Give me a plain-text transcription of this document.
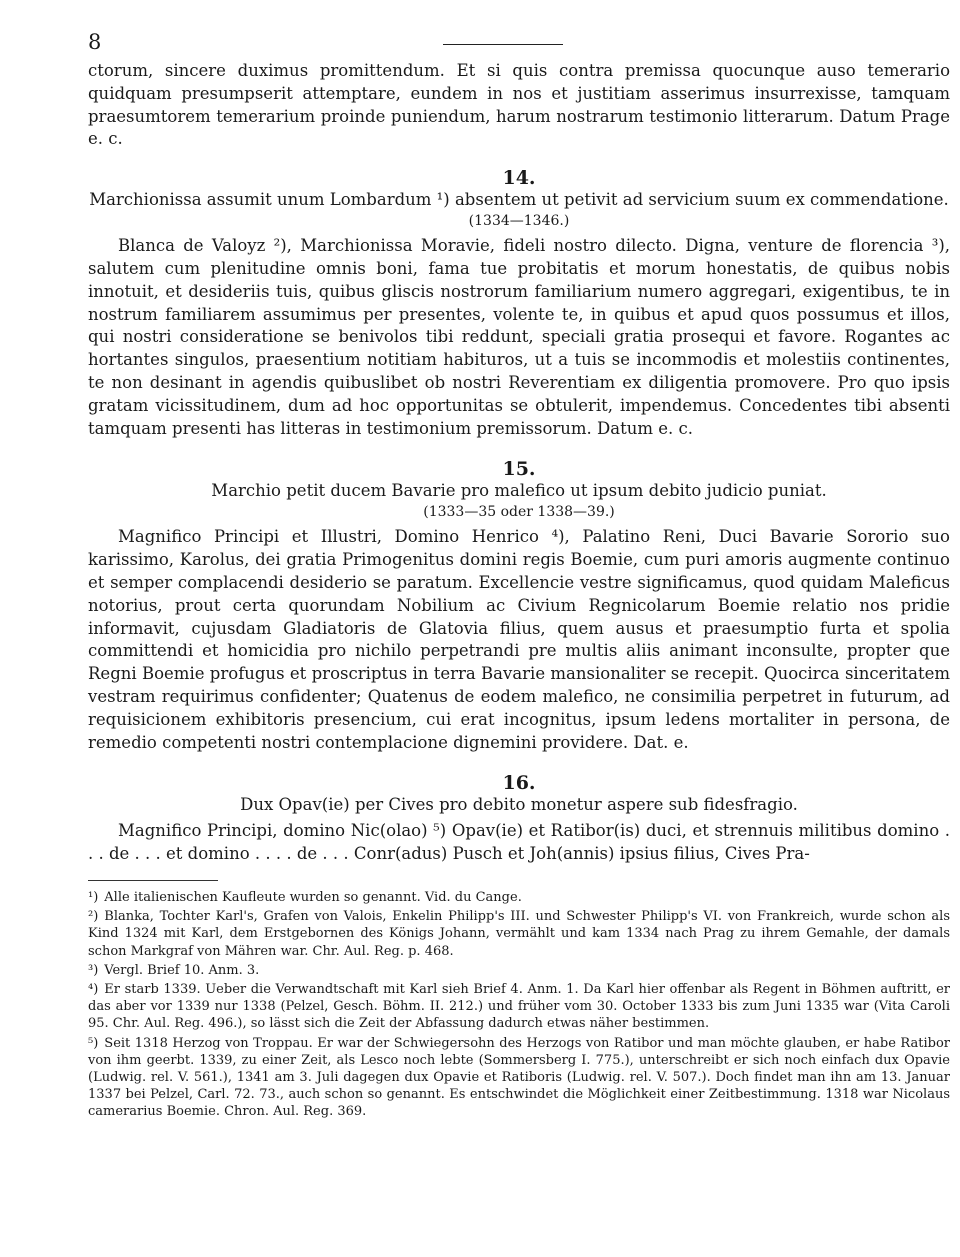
8

ctorum, sincere duximus promittendum. Et si quis contra premissa quocunque auso temerario quidquam presumpserit attemptare, eundem in nos et justitiam asserimus insurrexisse, tamquam praesumtorem temerarium proinde puniendum, harum nostrarum testimonio litterarum. Datum Prage e. c.

14.

Marchionissa assumit unum Lombardum ¹) absentem ut petivit ad servicium suum ex commendatione.

(1334—1346.)

Blanca de Valoyz ²), Marchionissa Moravie, fideli nostro dilecto. Digna, venture de florencia ³), salutem cum plenitudine omnis boni, fama tue probitatis et morum honestatis, de quibus nobis innotuit, et desideriis tuis, quibus gliscis nostrorum familiarium numero aggregari, exigentibus, te in nostrum familiarem assumimus per presentes, volente te, in quibus et apud quos possumus et illos, qui nostri consideratione se benivolos tibi reddunt, speciali gratia prosequi et favore. Rogantes ac hortantes singulos, praesentium notitiam habituros, ut a tuis se incommodis et molestiis continentes, te non desinant in agendis quibuslibet ob nostri Reverentiam ex diligentia promovere. Pro quo ipsis gratam vicissitudinem, dum ad hoc opportunitas se obtulerit, impendemus. Concedentes tibi absenti tamquam presenti has litteras in testimonium premissorum. Datum e. c.

15.

Marchio petit ducem Bavarie pro malefico ut ipsum debito judicio puniat.

(1333—35 oder 1338—39.)

Magnifico Principi et Illustri, Domino Henrico ⁴), Palatino Reni, Duci Bavarie Sororio suo karissimo, Karolus, dei gratia Primogenitus domini regis Boemie, cum puri amoris augmente continuo et semper complacendi desiderio se paratum. Excellencie vestre significamus, quod quidam Maleficus notorius, prout certa quorundam Nobilium ac Civium Regnicolarum Boemie relatio nos pridie informavit, cujusdam Gladiatoris de Glatovia filius, quem ausus et praesumptio furta et spolia committendi et homicidia pro nichilo perpetrandi pre multis aliis animant inconsulte, propter que Regni Boemie profugus et proscriptus in terra Bavarie mansionaliter se recepit. Quocirca sinceritatem vestram requirimus confidenter; Quatenus de eodem malefico, ne consimilia perpetret in futurum, ad requisicionem exhibitoris presencium, cui erat incognitus, ipsum ledens mortaliter in persona, de remedio competenti nostri contemplacione dignemini providere. Dat. e.

16.

Dux Opav(ie) per Cives pro debito monetur aspere sub fidesfragio.

Magnifico Principi, domino Nic(olao) ⁵) Opav(ie) et Ratibor(is) duci, et strennuis militibus domino . . . de . . . et domino . . . . de . . . Conr(adus) Pusch et Joh(annis) ipsius filius, Cives Pra-

¹) Alle italienischen Kaufleute wurden so genannt. Vid. du Cange.

²) Blanka, Tochter Karl's, Grafen von Valois, Enkelin Philipp's III. und Schwester Philipp's VI. von Frankreich, wurde schon als Kind 1324 mit Karl, dem Erstgebornen des Königs Johann, vermählt und kam 1334 nach Prag zu ihrem Gemahle, der damals schon Markgraf von Mähren war. Chr. Aul. Reg. p. 468.

³) Vergl. Brief 10. Anm. 3.

⁴) Er starb 1339. Ueber die Verwandtschaft mit Karl sieh Brief 4. Anm. 1. Da Karl hier offenbar als Regent in Böhmen auftritt, er das aber vor 1339 nur 1338 (Pelzel, Gesch. Böhm. II. 212.) und früher vom 30. October 1333 bis zum Juni 1335 war (Vita Caroli 95. Chr. Aul. Reg. 496.), so lässt sich die Zeit der Abfassung dadurch etwas näher bestimmen.

⁵) Seit 1318 Herzog von Troppau. Er war der Schwiegersohn des Herzogs von Ratibor und man möchte glauben, er habe Ratibor von ihm geerbt. 1339, zu einer Zeit, als Lesco noch lebte (Sommersberg I. 775.), unterschreibt er sich noch einfach dux Opavie (Ludwig. rel. V. 561.), 1341 am 3. Juli dagegen dux Opavie et Ratiboris (Ludwig. rel. V. 507.). Doch findet man ihn am 13. Januar 1337 bei Pelzel, Carl. 72. 73., auch schon so genannt. Es entschwindet die Möglichkeit einer Zeitbestimmung. 1318 war Nicolaus camerarius Boemie. Chron. Aul. Reg. 369.
